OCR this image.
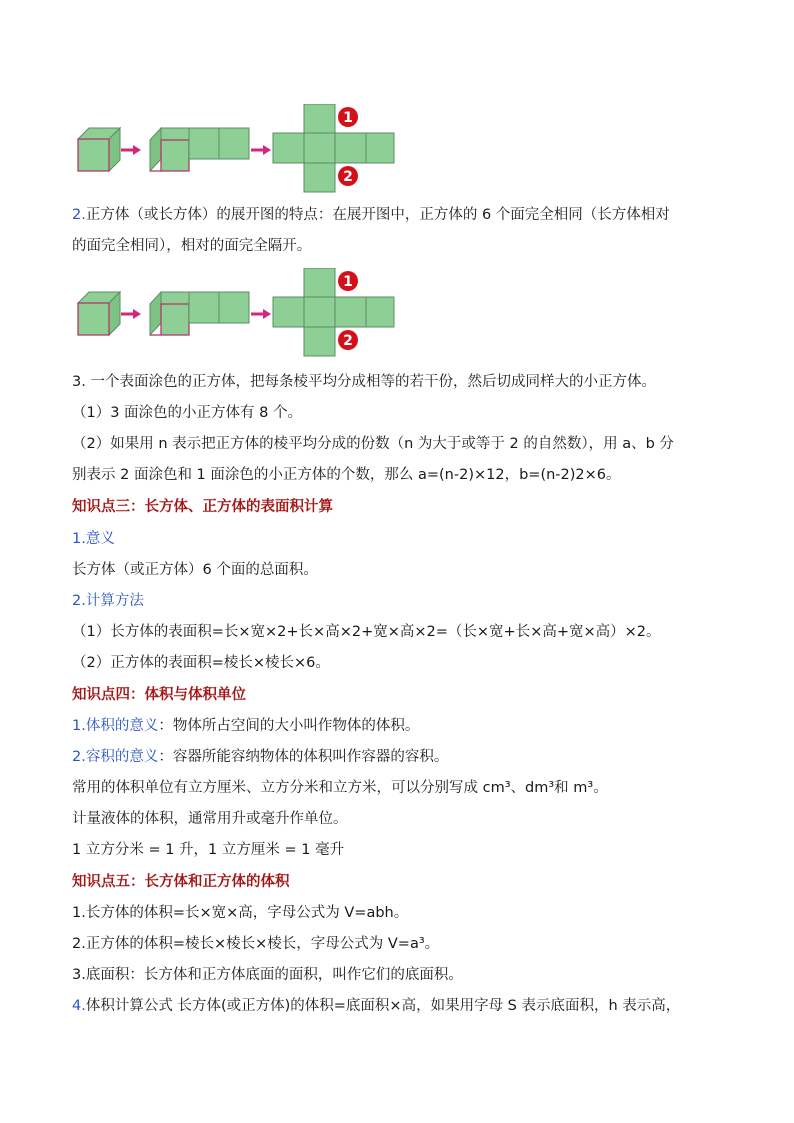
1
2
2.正方体（或长方体）的展开图的特点：在展开图中，正方体的 6 个面完全相同（长方体相对
的面完全相同），相对的面完全隔开。
1
2
3. 一个表面涂色的正方体，把每条棱平均分成相等的若干份，然后切成同样大的小正方体。
（1）3 面涂色的小正方体有 8 个。
（2）如果用 n 表示把正方体的棱平均分成的份数（n 为大于或等于 2 的自然数），用 a、b 分
别表示 2 面涂色和 1 面涂色的小正方体的个数，那么 a=(n-2)×12，b=(n-2)2×6。
知识点三：长方体、正方体的表面积计算
1.意义
长方体（或正方体）6 个面的总面积。
2.计算方法
（1）长方体的表面积=长×宽×2+长×高×2+宽×高×2=（长×宽+长×高+宽×高）×2。
（2）正方体的表面积=棱长×棱长×6。
知识点四：体积与体积单位
1.体积的意义：物体所占空间的大小叫作物体的体积。
2.容积的意义：容器所能容纳物体的体积叫作容器的容积。
常用的体积单位有立方厘米、立方分米和立方米，可以分别写成 cm³、dm³和 m³。
计量液体的体积，通常用升或毫升作单位。
1 立方分米 = 1 升，1 立方厘米 = 1 毫升
知识点五：长方体和正方体的体积
1.长方体的体积=长×宽×高，字母公式为 V=abh。
2.正方体的体积=棱长×棱长×棱长，字母公式为 V=a³。
3.底面积：长方体和正方体底面的面积，叫作它们的底面积。
4.体积计算公式 长方体(或正方体)的体积=底面积×高，如果用字母 S 表示底面积，h 表示高，
